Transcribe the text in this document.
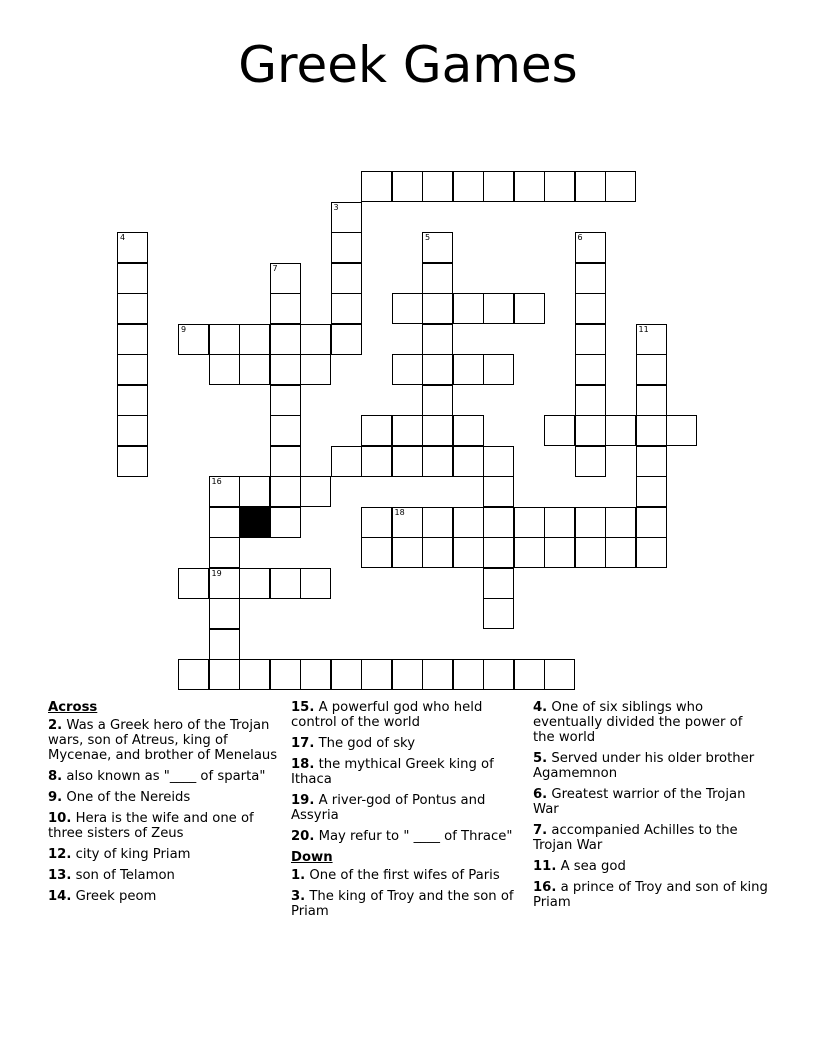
Greek Games
18
19
16
9
4
3
5	6
7
11
Across
2. Was a Greek hero of the Trojan wars, son of Atreus, king of Mycenae, and brother of Menelaus
8. also known as "____ of sparta"
9. One of the Nereids
10. Hera is the wife and one of three sisters of Zeus
12. city of king Priam
13. son of Telamon
14. Greek peom
15. A powerful god who held control of the world
17. The god of sky
18. the mythical Greek king of Ithaca
19. A river-god of Pontus and Assyria
20. May refur to " ____ of Thrace"
Down
1. One of the first wifes of Paris
3. The king of Troy and the son of Priam
4. One of six siblings who eventually divided the power of the world
5. Served under his older brother Agamemnon
6. Greatest warrior of the Trojan War
7. accompanied Achilles to the Trojan War
11. A sea god
16. a prince of Troy and son of king Priam
